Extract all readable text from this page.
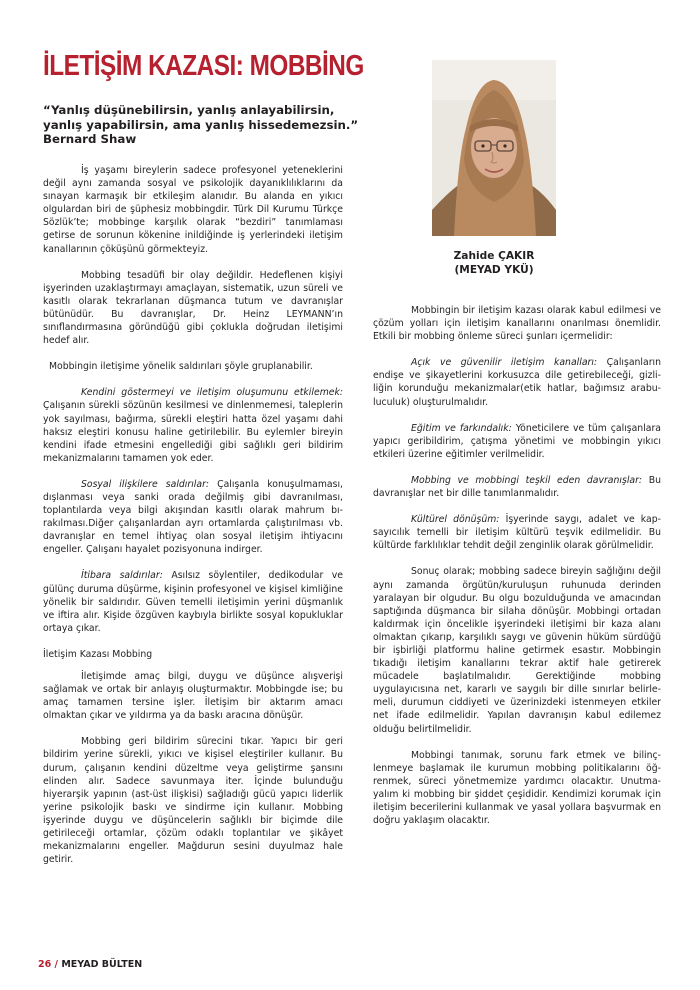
İLETİŞİM KAZASI: MOBBİNG
Zahide ÇAKIR
(MEYAD YKÜ)
“Yanlış düşünebilirsin, yanlış anlayabilirsin,
yanlış yapabilirsin, ama yanlış hissedemezsin.”
Bernard Shaw

İş yaşamı bireylerin sadece profesyonel yeteneklerini değil aynı zamanda sosyal ve psikolojik dayanıklılıklarını da sınayan karmaşık bir etkileşim alanıdır. Bu alanda en yıkıcı olgulardan biri de şüphesiz mobbingdir. Türk Dil Kurumu Türkçe Sözlük’te; mobbinge karşılık olarak “bezdiri” tanımlaması getirse de sorunun kökenine inildiğinde iş yerlerindeki iletişim kanallarının çöküşünü görmekteyiz.

Mobbing tesadüfi bir olay değildir. Hedeflenen kişiyi işyerinden uzaklaştırmayı amaçlayan, sistematik, uzun süreli ve kasıtlı olarak tekrarlanan düşmanca tutum ve davranışlar bütünüdür. Bu davranışlar, Dr. Heinz LEYMANN’ın sınıflandırmasına göründüğü gibi çoklukla doğrudan iletişimi hedef alır.

Mobbingin iletişime yönelik saldırıları şöyle gruplanabilir.

Kendini göstermeyi ve iletişim oluşumunu etkilemek: Çalışanın sürekli sözünün kesilmesi ve dinlenmemesi, taleplerin yok sayılması, bağırma, sürekli eleştiri hatta özel yaşamı dahi haksız eleştiri konusu haline getirilebilir. Bu eylemler bireyin kendini ifade etmesini engellediği gibi sağlıklı geri bildirim mekanizmalarını tamamen yok eder.

Sosyal ilişkilere saldırılar: Çalışanla konuşulmaması, dışlanması veya sanki orada değilmiş gibi davranılması, toplantılarda veya bilgi akışından kasıtlı olarak mahrum bırakılması.Diğer çalışanlardan ayrı ortamlarda çalıştırılması vb. davranışlar en temel ihtiyaç olan sosyal iletişim ihtiyacını engeller. Çalışanı hayalet pozisyonuna indirger.

İtibara saldırılar: Asılsız söylentiler, dedikodular ve gülünç duruma düşürme, kişinin profesyonel ve kişisel kimliğine yönelik bir saldırıdır. Güven temelli iletişimin yerini düşmanlık ve iftira alır. Kişide özgüven kaybıyla birlikte sosyal kopukluklar ortaya çıkar.

İletişim Kazası Mobbing

İletişimde amaç bilgi, duygu ve düşünce alışverişi sağlamak ve ortak bir anlayış oluşturmaktır. Mobbingde ise; bu amaç tamamen tersine işler. İletişim bir aktarım amacı olmaktan çıkar ve yıldırma ya da baskı aracına dönüşür.

Mobbing geri bildirim sürecini tıkar. Yapıcı bir geri bildirim yerine sürekli, yıkıcı ve kişisel eleştiriler kullanır. Bu durum, çalışanın kendini düzeltme veya geliştirme şansını elinden alır. Sadece savunmaya iter. İçinde bulunduğu hiyerarşik yapının (ast-üst ilişkisi) sağladığı gücü yapıcı liderlik yerine psikolojik baskı ve sindirme için kullanır. Mobbing işyerinde duygu ve düşüncelerin sağlıklı bir biçimde dile getirileceği ortamlar, çözüm odaklı toplantılar ve şikâyet mekanizmalarını engeller. Mağdurun sesini duyulmaz hale getirir.

Mobbingin bir iletişim kazası olarak kabul edilmesi ve çözüm yolları için iletişim kanallarını onarılması önemlidir. Etkili bir mobbing önleme süreci şunları içermelidir:

Açık ve güvenilir iletişim kanalları: Çalışanların endişe ve şikayetlerini korkusuzca dile getirebileceği, gizliliğin korunduğu mekanizmalar(etik hatlar, bağımsız arabuluculuk) oluşturulmalıdır.

Eğitim ve farkındalık: Yöneticilere ve tüm çalışanlara yapıcı geribildirim, çatışma yönetimi ve mobbingin yıkıcı etkileri üzerine eğitimler verilmelidir.

Mobbing ve mobbingi teşkil eden davranışlar: Bu davranışlar net bir dille tanımlanmalıdır.

Kültürel dönüşüm: İşyerinde saygı, adalet ve kapsayıcılık temelli bir iletişim kültürü teşvik edilmelidir. Bu kültürde farklılıklar tehdit değil zenginlik olarak görülmelidir.

Sonuç olarak; mobbing sadece bireyin sağlığını değil aynı zamanda örgütün/kuruluşun ruhunuda derinden yaralayan bir olgudur. Bu olgu bozulduğunda ve amacından saptığında düşmanca bir silaha dönüşür. Mobbingi ortadan kaldırmak için öncelikle işyerindeki iletişimi bir kaza alanı olmaktan çıkarıp, karşılıklı saygı ve güvenin hüküm sürdüğü bir işbirliği platformu haline getirmek esastır. Mobbingin tıkadığı iletişim kanallarını tekrar aktif hale getirerek mücadele başlatılmalıdır. Gerektiğinde mobbing uygulayıcısına net, kararlı ve saygılı bir dille sınırlar belirlemeli, durumun ciddiyeti ve üzerinizdeki istenmeyen etkiler net ifade edilmelidir. Yapılan davranışın kabul edilemez olduğu belirtilmelidir.

Mobbingi tanımak, sorunu fark etmek ve bilinçlenmeye başlamak ile kurumun mobbing politikalarını öğrenmek, süreci yönetmemize yardımcı olacaktır. Unutmayalım ki mobbing bir şiddet çeşididir. Kendimizi korumak için iletişim becerilerini kullanmak ve yasal yollara başvurmak en doğru yaklaşım olacaktır.

26 / MEYAD BÜLTEN
